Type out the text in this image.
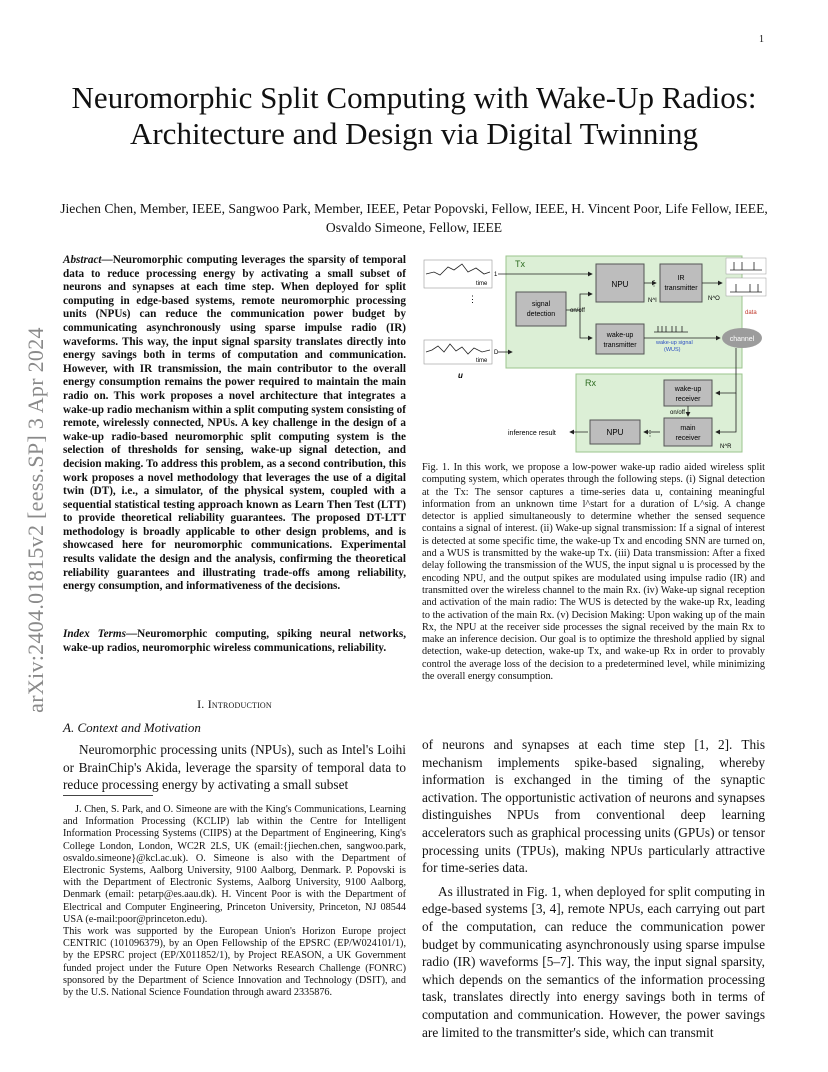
1
arXiv:2404.01815v2 [eess.SP] 3 Apr 2024
Neuromorphic Split Computing with Wake-Up Radios: Architecture and Design via Digital Twinning
Jiechen Chen, Member, IEEE, Sangwoo Park, Member, IEEE, Petar Popovski, Fellow, IEEE, H. Vincent Poor, Life Fellow, IEEE, Osvaldo Simeone, Fellow, IEEE
Abstract—Neuromorphic computing leverages the sparsity of temporal data to reduce processing energy by activating a small subset of neurons and synapses at each time step. When deployed for split computing in edge-based systems, remote neuromorphic processing units (NPUs) can reduce the communication power budget by communicating asynchronously using sparse impulse radio (IR) waveforms. This way, the input signal sparsity translates directly into energy savings both in terms of computation and communication. However, with IR transmission, the main contributor to the overall energy consumption remains the power required to maintain the main radio on. This work proposes a novel architecture that integrates a wake-up radio mechanism within a split computing system consisting of remote, wirelessly connected, NPUs. A key challenge in the design of a wake-up radio-based neuromorphic split computing system is the selection of thresholds for sensing, wake-up signal detection, and decision making. To address this problem, as a second contribution, this work proposes a novel methodology that leverages the use of a digital twin (DT), i.e., a simulator, of the physical system, coupled with a sequential statistical testing approach known as Learn Then Test (LTT) to provide theoretical reliability guarantees. The proposed DT-LTT methodology is broadly applicable to other design problems, and is showcased here for neuromorphic communications. Experimental results validate the design and the analysis, confirming the theoretical reliability guarantees and illustrating trade-offs among reliability, energy consumption, and informativeness of the decisions.
Index Terms—Neuromorphic computing, spiking neural networks, wake-up radios, neuromorphic wireless communications, reliability.
I. Introduction
A. Context and Motivation
Neuromorphic processing units (NPUs), such as Intel's Loihi or BrainChip's Akida, leverage the sparsity of temporal data to reduce processing energy by activating a small subset

J. Chen, S. Park, and O. Simeone are with the King's Communications, Learning and Information Processing (KCLIP) lab within the Centre for Intelligent Information Processing Systems (CIIPS) at the Department of Engineering, King's College London, London, WC2R 2LS, UK (email:{jiechen.chen, sangwoo.park, osvaldo.simeone}@kcl.ac.uk). O. Simeone is also with the Department of Electronic Systems, Aalborg University, 9100 Aalborg, Denmark. P. Popovski is with the Department of Electronic Systems, Aalborg University, 9100 Aalborg, Denmark (email: petarp@es.aau.dk). H. Vincent Poor is with the Department of Electrical and Computer Engineering, Princeton University, Princeton, NJ 08544 USA (e-mail:poor@princeton.edu).

This work was supported by the European Union's Horizon Europe project CENTRIC (101096379), by an Open Fellowship of the EPSRC (EP/W024101/1), by the EPSRC project (EP/X011852/1), by Project REASON, a UK Government funded project under the Future Open Networks Research Challenge (FONRC) sponsored by the Department of Science Innovation and Technology (DSIT), and by the U.S. National Science Foundation through award 2335876.

Tx
Rx
time
1
⋮
time
D
u
signal
detection on/off
NPU	⋮
N^I
IR
transmitter
N^O
wake-up
transmitter	wake-up signal
(WUS)
channel
data
wake-up
receiver
on/off
main
receiver
N^R
NPU	⋮
inference result
Fig. 1. In this work, we propose a low-power wake-up radio aided wireless split computing system, which operates through the following steps. (i) Signal detection at the Tx: The sensor captures a time-series data u, containing meaningful information from an unknown time l^start for a duration of L^sig. A change detector is applied simultaneously to determine whether the sensed sequence contains a signal of interest. (ii) Wake-up signal transmission: If a signal of interest is detected at some specific time, the wake-up Tx and encoding SNN are turned on, and a WUS is transmitted by the wake-up Tx. (iii) Data transmission: After a fixed delay following the transmission of the WUS, the input signal u is processed by the encoding NPU, and the output spikes are modulated using impulse radio (IR) and transmitted over the wireless channel to the main Rx. (iv) Wake-up signal reception and activation of the main radio: The WUS is detected by the wake-up Rx, leading to the activation of the main Rx. (v) Decision Making: Upon waking up of the main Rx, the NPU at the receiver side processes the signal received by the main Rx to make an inference decision. Our goal is to optimize the threshold applied by signal detection, wake-up detection, wake-up Tx, and wake-up Rx in order to provably control the average loss of the decision to a predetermined level, while minimizing the overall energy consumption.

of neurons and synapses at each time step [1, 2]. This mechanism implements spike-based signaling, whereby information is exchanged in the timing of the synaptic activation. The opportunistic activation of neurons and synapses distinguishes NPUs from conventional deep learning accelerators such as graphical processing units (GPUs) or tensor processing units (TPUs), making NPUs particularly attractive for time-series data.

As illustrated in Fig. 1, when deployed for split computing in edge-based systems [3, 4], remote NPUs, each carrying out part of the computation, can reduce the communication power budget by communicating asynchronously using sparse impulse radio (IR) waveforms [5–7]. This way, the input signal sparsity, which depends on the semantics of the information processing task, translates directly into energy savings both in terms of computation and communication. However, the power savings are limited to the transmitter's side, which can transmit
